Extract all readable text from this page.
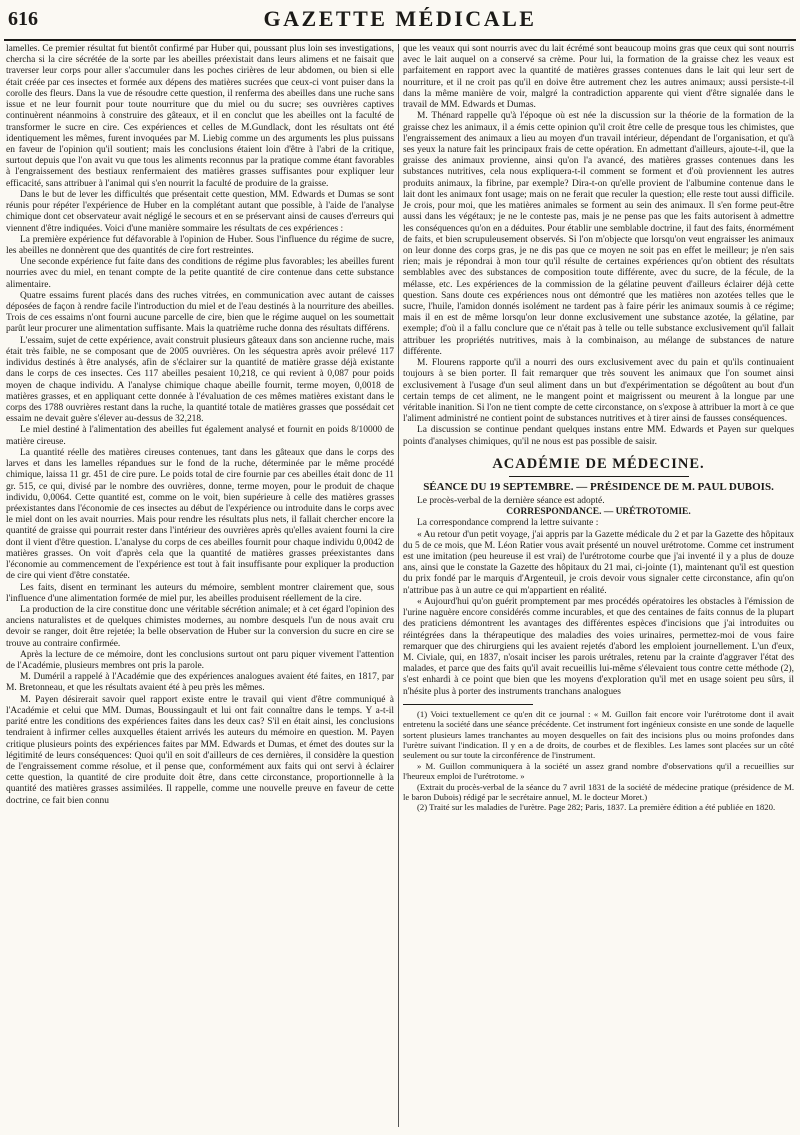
616	GAZETTE MÉDICALE

lamelles. Ce premier résultat fut bientôt confirmé par Huber qui, poussant plus loin ses investigations, chercha si la cire sécrétée de la sorte par les abeilles préexistait dans leurs alimens et ne faisait que traverser leur corps pour aller s'accumuler dans les poches cirières de leur abdomen, ou bien si elle était créée par ces insectes et formée aux dépens des matières sucrées que ceux-ci vont puiser dans la corolle des fleurs. Dans la vue de résoudre cette question, il renferma des abeilles dans une ruche sans issue et ne leur fournit pour toute nourriture que du miel ou du sucre; ses ouvrières captives continuèrent néanmoins à construire des gâteaux, et il en conclut que les abeilles ont la faculté de transformer le sucre en cire. Ces expériences et celles de M.Gundlack, dont les résultats ont été identiquement les mêmes, furent invoquées par M. Liebig comme un des arguments les plus puissans en faveur de l'opinion qu'il soutient; mais les conclusions étaient loin d'être à l'abri de la critique, surtout depuis que l'on avait vu que tous les aliments reconnus par la pratique comme étant favorables à l'engraissement des bestiaux renfermaient des matières grasses suffisantes pour expliquer leur efficacité, sans attribuer à l'animal qui s'en nourrit la faculté de produire de la graisse.

Dans le but de lever les difficultés que présentait cette question, MM. Edwards et Dumas se sont réunis pour répéter l'expérience de Huber en la complétant autant que possible, à l'aide de l'analyse chimique dont cet observateur avait négligé le secours et en se préservant ainsi de causes d'erreurs qui viennent d'être indiquées. Voici d'une manière sommaire les résultats de ces expériences :

La première expérience fut défavorable à l'opinion de Huber. Sous l'influence du régime de sucre, les abeilles ne donnèrent que des quantités de cire fort restreintes.

Une seconde expérience fut faite dans des conditions de régime plus favorables; les abeilles furent nourries avec du miel, en tenant compte de la petite quantité de cire contenue dans cette substance alimentaire.

Quatre essaims furent placés dans des ruches vitrées, en communication avec autant de caisses déposées de façon à rendre facile l'introduction du miel et de l'eau destinés à la nourriture des abeilles. Trois de ces essaims n'ont fourni aucune parcelle de cire, bien que le régime auquel on les soumettait parût leur procurer une alimentation suffisante. Mais la quatrième ruche donna des résultats différens.

L'essaim, sujet de cette expérience, avait construit plusieurs gâteaux dans son ancienne ruche, mais était très faible, ne se composant que de 2005 ouvrières. On les séquestra après avoir prélevé 117 individus destinés à être analysés, afin de s'éclairer sur la quantité de matière grasse déjà existante dans le corps de ces insectes. Ces 117 abeilles pesaient 10,218, ce qui revient à 0,087 pour poids moyen de chaque individu. A l'analyse chimique chaque abeille fournit, terme moyen, 0,0018 de matières grasses, et en appliquant cette donnée à l'évaluation de ces mêmes matières existant dans le corps des 1788 ouvrières restant dans la ruche, la quantité totale de matières grasses que possédait cet essaim ne devait guère s'élever au-dessus de 32,218.

Le miel destiné à l'alimentation des abeilles fut également analysé et fournit en poids 8/10000 de matière cireuse.

La quantité réelle des matières cireuses contenues, tant dans les gâteaux que dans le corps des larves et dans les lamelles répandues sur le fond de la ruche, déterminée par le même procédé chimique, laissa 11 gr. 451 de cire pure. Le poids total de cire fournie par ces abeilles était donc de 11 gr. 515, ce qui, divisé par le nombre des ouvrières, donne, terme moyen, pour le produit de chaque individu, 0,0064. Cette quantité est, comme on le voit, bien supérieure à celle des matières grasses préexistantes dans l'économie de ces insectes au début de l'expérience ou introduite dans le corps avec le miel dont on les avait nourries. Mais pour rendre les résultats plus nets, il fallait chercher encore la quantité de graisse qui pourrait rester dans l'intérieur des ouvrières après qu'elles avaient fourni la cire dont il vient d'être question. L'analyse du corps de ces abeilles fournit pour chaque individu 0,0042 de matières grasses. On voit d'après cela que la quantité de matières grasses préexistantes dans l'économie au commencement de l'expérience est tout à fait insuffisante pour expliquer la production de cire qui vient d'être constatée.

Les faits, disent en terminant les auteurs du mémoire, semblent montrer clairement que, sous l'influence d'une alimentation formée de miel pur, les abeilles produisent réellement de la cire.

La production de la cire constitue donc une véritable sécrétion animale; et à cet égard l'opinion des anciens naturalistes et de quelques chimistes modernes, au nombre desquels l'un de nous avait cru devoir se ranger, doit être rejetée; la belle observation de Huber sur la conversion du sucre en cire se trouve au contraire confirmée.

Après la lecture de ce mémoire, dont les conclusions surtout ont paru piquer vivement l'attention de l'Académie, plusieurs membres ont pris la parole.

M. Duméril a rappelé à l'Académie que des expériences analogues avaient été faites, en 1817, par M. Bretonneau, et que les résultats avaient été à peu près les mêmes.

M. Payen désirerait savoir quel rapport existe entre le travail qui vient d'être communiqué à l'Académie et celui que MM. Dumas, Boussingault et lui ont fait connaître dans le temps. Y a-t-il parité entre les conditions des expériences faites dans les deux cas? S'il en était ainsi, les conclusions tendraient à infirmer celles auxquelles étaient arrivés les auteurs du mémoire en question. M. Payen critique plusieurs points des expériences faites par MM. Edwards et Dumas, et émet des doutes sur la légitimité de leurs conséquences: Quoi qu'il en soit d'ailleurs de ces dernières, il considère la question de l'engraissement comme résolue, et il pense que, conformément aux faits qui ont servi à éclairer cette question, la quantité de cire produite doit être, dans cette circonstance, proportionnelle à la quantité des matières grasses assimilées. Il rappelle, comme une nouvelle preuve en faveur de cette doctrine, ce fait bien connu

que les veaux qui sont nourris avec du lait écrémé sont beaucoup moins gras que ceux qui sont nourris avec le lait auquel on a conservé sa crème. Pour lui, la formation de la graisse chez les veaux est parfaitement en rapport avec la quantité de matières grasses contenues dans le lait qui leur sert de nourriture, et il ne croit pas qu'il en doive être autrement chez les autres animaux; aussi persiste-t-il dans la même manière de voir, malgré la contradiction apparente qui vient d'être signalée dans le travail de MM. Edwards et Dumas.

M. Thénard rappelle qu'à l'époque où est née la discussion sur la théorie de la formation de la graisse chez les animaux, il a émis cette opinion qu'il croit être celle de presque tous les chimistes, que l'engraissement des animaux a lieu au moyen d'un travail intérieur, dépendant de l'organisation, et qu'à ses yeux la nature fait les principaux frais de cette opération. En admettant d'ailleurs, ajoute-t-il, que la graisse des animaux provienne, ainsi qu'on l'a avancé, des matières grasses contenues dans les substances nutritives, cela nous expliquera-t-il comment se forment et d'où proviennent les autres produits animaux, la fibrine, par exemple? Dira-t-on qu'elle provient de l'albumine contenue dans le lait dont les animaux font usage; mais on ne ferait que reculer la question; elle reste tout aussi difficile. Je crois, pour moi, que les matières animales se forment au sein des animaux. Il s'en forme peut-être aussi dans les végétaux; je ne le conteste pas, mais je ne pense pas que les faits autorisent à admettre les conséquences qu'on en a déduites. Pour établir une semblable doctrine, il faut des faits, énormément de faits, et bien scrupuleusement observés. Si l'on m'objecte que lorsqu'on veut engraisser les animaux on leur donne des corps gras, je ne dis pas que ce moyen ne soit pas en effet le meilleur; je n'en sais rien; mais je répondrai à mon tour qu'il résulte de certaines expériences qu'on obtient des résultats semblables avec des substances de composition toute différente, avec du sucre, de la fécule, de la mélasse, etc. Les expériences de la commission de la gélatine peuvent d'ailleurs éclairer déjà cette question. Sans doute ces expériences nous ont démontré que les matières non azotées telles que le sucre, l'huile, l'amidon donnés isolément ne tardent pas à faire périr les animaux soumis à ce régime; mais il en est de même lorsqu'on leur donne exclusivement une substance azotée, la gélatine, par exemple; d'où il a fallu conclure que ce n'était pas à telle ou telle substance exclusivement qu'il fallait attribuer les propriétés nutritives, mais à la combinaison, au mélange de substances de nature différente.

M. Flourens rapporte qu'il a nourri des ours exclusivement avec du pain et qu'ils continuaient toujours à se bien porter. Il fait remarquer que très souvent les animaux que l'on soumet ainsi exclusivement à l'usage d'un seul aliment dans un but d'expérimentation se dégoûtent au bout d'un certain temps de cet aliment, ne le mangent point et maigrissent ou meurent à la longue par une véritable inanition. Si l'on ne tient compte de cette circonstance, on s'expose à attribuer la mort à ce que l'aliment administré ne contient point de substances nutritives et à tirer ainsi de fausses conséquences.

La discussion se continue pendant quelques instans entre MM. Edwards et Payen sur quelques points d'analyses chimiques, qu'il ne nous est pas possible de saisir.

ACADÉMIE DE MÉDECINE.
SÉANCE DU 19 SEPTEMBRE. — PRÉSIDENCE DE M. PAUL DUBOIS.

Le procès-verbal de la dernière séance est adopté.

CORRESPONDANCE. — URÉTROTOMIE.

La correspondance comprend la lettre suivante :

« Au retour d'un petit voyage, j'ai appris par la Gazette médicale du 2 et par la Gazette des hôpitaux du 5 de ce mois, que M. Léon Ratier vous avait présenté un nouvel urétrotome. Comme cet instrument est une imitation (peu heureuse il est vrai) de l'urétrotome courbe que j'ai inventé il y a plus de douze ans, ainsi que le constate la Gazette des hôpitaux du 21 mai, ci-jointe (1), maintenant qu'il est question du prix fondé par le marquis d'Argenteuil, je crois devoir vous signaler cette circonstance, afin qu'on n'attribue pas à un autre ce qui m'appartient en réalité.

« Aujourd'hui qu'on guérit promptement par mes procédés opératoires les obstacles à l'émission de l'urine naguère encore considérés comme incurables, et que des centaines de faits connus de la plupart des praticiens démontrent les avantages des différentes espèces d'incisions que j'ai introduites ou réintégrées dans la thérapeutique des maladies des voies urinaires, permettez-moi de vous faire remarquer que des chirurgiens qui les avaient rejetés d'abord les emploient journellement. L'un d'eux, M. Civiale, qui, en 1837, n'osait inciser les parois urétrales, retenu par la crainte d'aggraver l'état des malades, et parce que des faits qu'il avait recueillis lui-même s'élevaient tous contre cette méthode (2), s'est enhardi à ce point que bien que les moyens d'exploration qu'il met en usage soient peu sûrs, il n'hésite plus à porter des instruments tranchans analogues

(1) Voici textuellement ce qu'en dit ce journal : « M. Guillon fait encore voir l'urétrotome dont il avait entretenu la société dans une séance précédente. Cet instrument fort ingénieux consiste en une sonde de laquelle sortent plusieurs lames tranchantes au moyen desquelles on fait des incisions plus ou moins profondes dans l'urètre suivant l'indication. Il y en a de droits, de courbes et de flexibles. Les lames sont placées sur un côté seulement ou sur toute la circonférence de l'instrument.

» M. Guillon communiquera à la société un assez grand nombre d'observations qu'il a recueillies sur l'heureux emploi de l'urétrotome. »

(Extrait du procès-verbal de la séance du 7 avril 1831 de la société de médecine pratique (présidence de M. le baron Dubois) rédigé par le secrétaire annuel, M. le docteur Moret.)

(2) Traité sur les maladies de l'urètre. Page 282; Paris, 1837. La première édition a été publiée en 1820.
